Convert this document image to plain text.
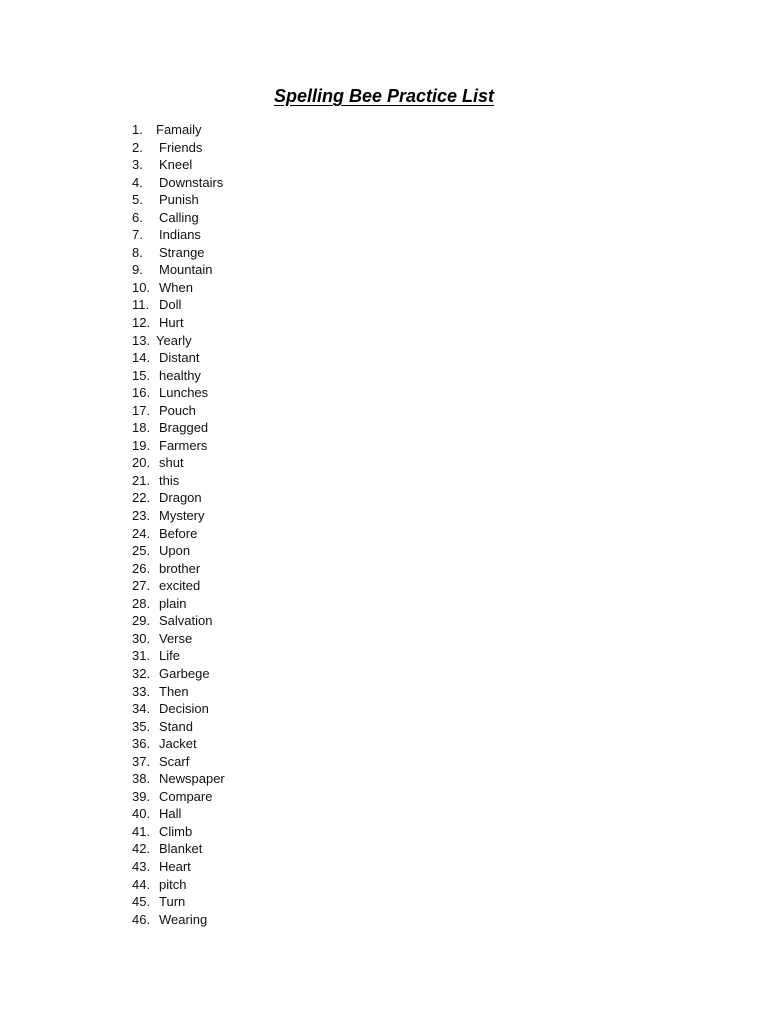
Spelling Bee Practice List
1.	Famaily
2.	Friends
3.	Kneel
4.	Downstairs
5.	Punish
6.	Calling
7.	Indians
8.	Strange
9.	Mountain
10. When
11. Doll
12. Hurt
13. Yearly
14. Distant
15. healthy
16. Lunches
17. Pouch
18. Bragged
19. Farmers
20. shut
21. this
22. Dragon
23. Mystery
24. Before
25. Upon
26. brother
27. excited
28. plain
29. Salvation
30. Verse
31. Life
32. Garbege
33. Then
34. Decision
35. Stand
36. Jacket
37. Scarf
38. Newspaper
39. Compare
40. Hall
41. Climb
42. Blanket
43. Heart
44. pitch
45. Turn
46. Wearing
